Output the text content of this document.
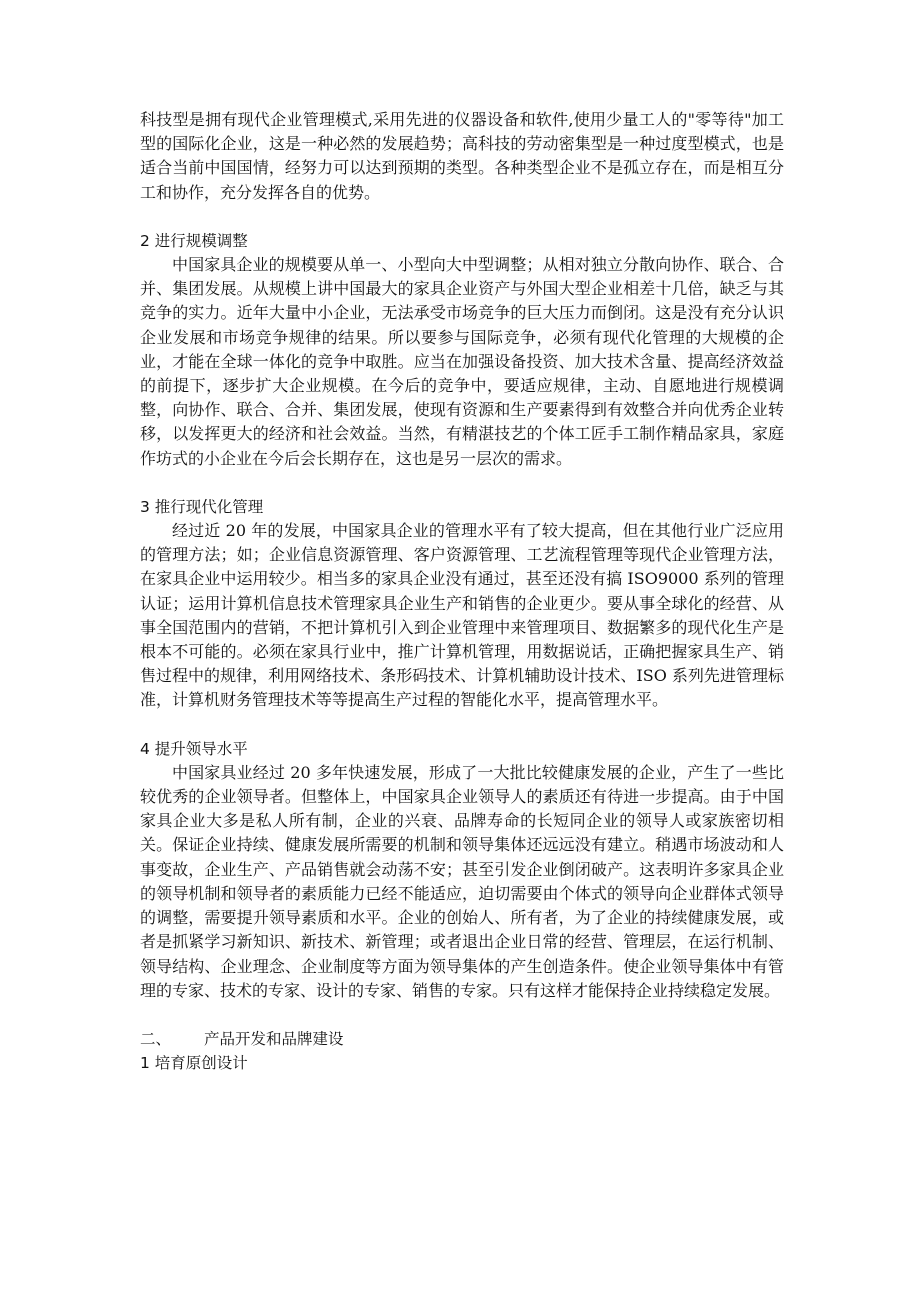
科技型是拥有现代企业管理模式,采用先进的仪器设备和软件,使用少量工人的"零等待"加工型的国际化企业，这是一种必然的发展趋势；高科技的劳动密集型是一种过度型模式，也是适合当前中国国情，经努力可以达到预期的类型。各种类型企业不是孤立存在，而是相互分工和协作，充分发挥各自的优势。

2 进行规模调整

中国家具企业的规模要从单一、小型向大中型调整；从相对独立分散向协作、联合、合并、集团发展。从规模上讲中国最大的家具企业资产与外国大型企业相差十几倍，缺乏与其竞争的实力。近年大量中小企业，无法承受市场竞争的巨大压力而倒闭。这是没有充分认识企业发展和市场竞争规律的结果。所以要参与国际竞争，必须有现代化管理的大规模的企业，才能在全球一体化的竞争中取胜。应当在加强设备投资、加大技术含量、提高经济效益的前提下，逐步扩大企业规模。在今后的竞争中，要适应规律，主动、自愿地进行规模调整，向协作、联合、合并、集团发展，使现有资源和生产要素得到有效整合并向优秀企业转移，以发挥更大的经济和社会效益。当然，有精湛技艺的个体工匠手工制作精品家具，家庭作坊式的小企业在今后会长期存在，这也是另一层次的需求。

3 推行现代化管理

经过近 20 年的发展，中国家具企业的管理水平有了较大提高，但在其他行业广泛应用的管理方法；如；企业信息资源管理、客户资源管理、工艺流程管理等现代企业管理方法，在家具企业中运用较少。相当多的家具企业没有通过，甚至还没有搞 ISO9000 系列的管理认证；运用计算机信息技术管理家具企业生产和销售的企业更少。要从事全球化的经营、从事全国范围内的营销，不把计算机引入到企业管理中来管理项目、数据繁多的现代化生产是根本不可能的。必须在家具行业中，推广计算机管理，用数据说话，正确把握家具生产、销售过程中的规律，利用网络技术、条形码技术、计算机辅助设计技术、ISO 系列先进管理标准，计算机财务管理技术等等提高生产过程的智能化水平，提高管理水平。

4 提升领导水平

中国家具业经过 20 多年快速发展，形成了一大批比较健康发展的企业，产生了一些比较优秀的企业领导者。但整体上，中国家具企业领导人的素质还有待进一步提高。由于中国家具企业大多是私人所有制，企业的兴衰、品牌寿命的长短同企业的领导人或家族密切相关。保证企业持续、健康发展所需要的机制和领导集体还远远没有建立。稍遇市场波动和人事变故，企业生产、产品销售就会动荡不安；甚至引发企业倒闭破产。这表明许多家具企业的领导机制和领导者的素质能力已经不能适应，迫切需要由个体式的领导向企业群体式领导的调整，需要提升领导素质和水平。企业的创始人、所有者，为了企业的持续健康发展，或者是抓紧学习新知识、新技术、新管理；或者退出企业日常的经营、管理层，在运行机制、领导结构、企业理念、企业制度等方面为领导集体的产生创造条件。使企业领导集体中有管理的专家、技术的专家、设计的专家、销售的专家。只有这样才能保持企业持续稳定发展。

二、 产品开发和品牌建设

1 培育原创设计
